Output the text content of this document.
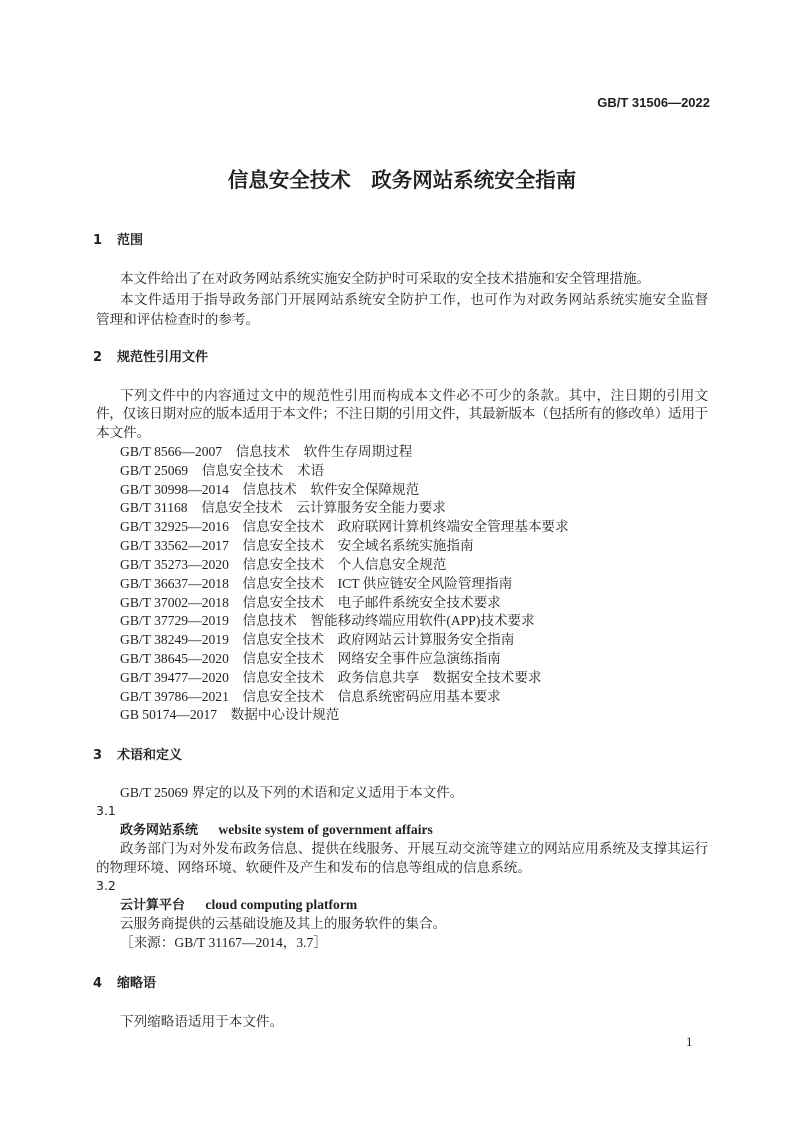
GB/T 31506—2022
信息安全技术　政务网站系统安全指南
1 范围
本文件给出了在对政务网站系统实施安全防护时可采取的安全技术措施和安全管理措施。
本文件适用于指导政务部门开展网站系统安全防护工作，也可作为对政务网站系统实施安全监督
管理和评估检查时的参考。
2 规范性引用文件
下列文件中的内容通过文中的规范性引用而构成本文件必不可少的条款。其中，注日期的引用文
件，仅该日期对应的版本适用于本文件；不注日期的引用文件，其最新版本（包括所有的修改单）适用于
本文件。
GB/T 8566—2007　信息技术　软件生存周期过程
GB/T 25069　信息安全技术　术语
GB/T 30998—2014　信息技术　软件安全保障规范
GB/T 31168　信息安全技术　云计算服务安全能力要求
GB/T 32925—2016　信息安全技术　政府联网计算机终端安全管理基本要求
GB/T 33562—2017　信息安全技术　安全域名系统实施指南
GB/T 35273—2020　信息安全技术　个人信息安全规范
GB/T 36637—2018　信息安全技术　ICT 供应链安全风险管理指南
GB/T 37002—2018　信息安全技术　电子邮件系统安全技术要求
GB/T 37729—2019　信息技术　智能移动终端应用软件(APP)技术要求
GB/T 38249—2019　信息安全技术　政府网站云计算服务安全指南
GB/T 38645—2020　信息安全技术　网络安全事件应急演练指南
GB/T 39477—2020　信息安全技术　政务信息共享　数据安全技术要求
GB/T 39786—2021　信息安全技术　信息系统密码应用基本要求
GB 50174—2017　数据中心设计规范
3 术语和定义
GB/T 25069 界定的以及下列的术语和定义适用于本文件。
3.1
政务网站系统 website system of government affairs
政务部门为对外发布政务信息、提供在线服务、开展互动交流等建立的网站应用系统及支撑其运行
的物理环境、网络环境、软硬件及产生和发布的信息等组成的信息系统。
3.2
云计算平台 cloud computing platform
云服务商提供的云基础设施及其上的服务软件的集合。
［来源：GB/T 31167—2014，3.7］
4 缩略语
下列缩略语适用于本文件。
1
